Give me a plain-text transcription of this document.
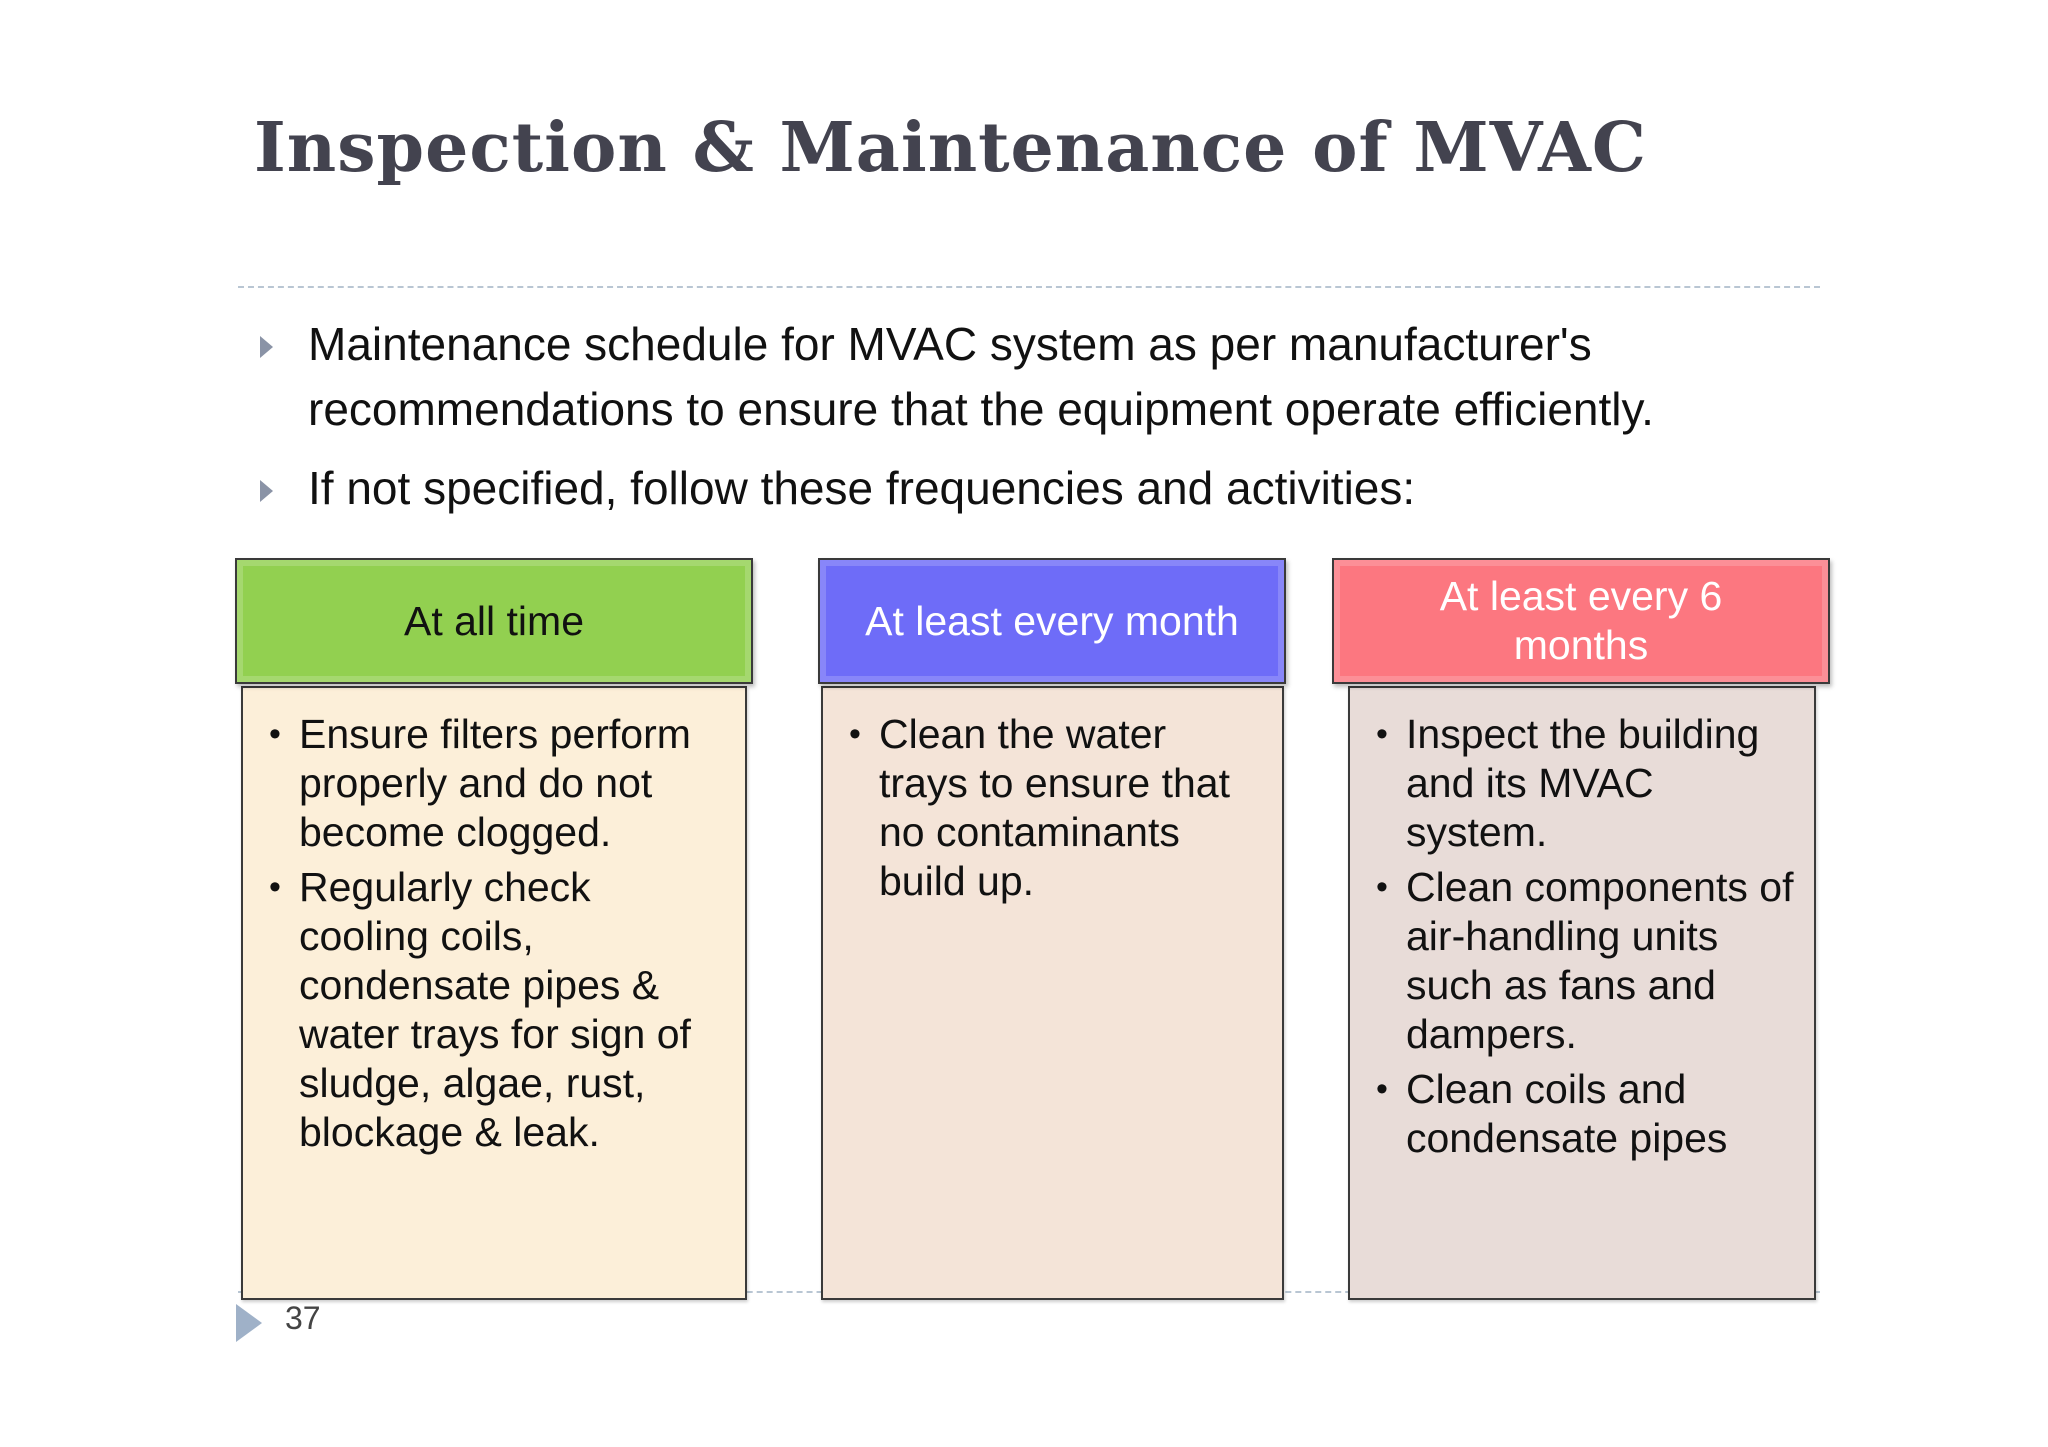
Inspection & Maintenance of MVAC
Maintenance schedule for MVAC system as per manufacturer's recommendations to ensure that the equipment operate efficiently.
If not specified, follow these frequencies and activities:
At all time
• Ensure filters perform properly and do not become clogged.
• Regularly check cooling coils, condensate pipes & water trays for sign of sludge, algae, rust, blockage & leak.
At least every month
• Clean the water trays to ensure that no contaminants build up.
At least every 6 months
• Inspect the building and its MVAC system.
• Clean components of air-handling units such as fans and dampers.
• Clean coils and condensate pipes
37
